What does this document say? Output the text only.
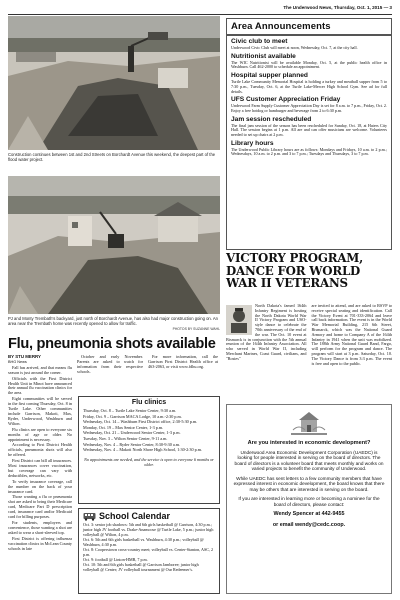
The Underwood News, Thursday, Oct. 1, 2015 — 3
Construction continues between 1st and 2nd Streets on Borchardt Avenue this weekend, the deepest part of the flood water project.
PJ and Monty Trembath's backyard, just north of Borchardt Avenue, has also had major construction going on. An area near the Trembath home was recently opened to allow for traffic.
PHOTOS BY SUZANNE WAHL
Area Announcements
Civic club to meet

Underwood Civic Club will meet at noon, Wednesday, Oct. 7, at the city hall.

Nutritionist available

The WIC Nutritionist will be available Monday, Oct. 5, at the public health office in Washburn. Call 462-2000 to schedule an appointment.

Hospital supper planned

Turtle Lake Community Memorial Hospital is holding a turkey and meatball supper from 5 to 7:30 p.m., Tuesday, Oct. 6, at the Turtle Lake-Mercer High School Gym. See ad for full details.

UFS Customer Appreciation Friday

Underwood Farm Supply Customer Appreciation Day is set for 8 a.m. to 7 p.m., Friday, Oct. 2. Enjoy a free hotdog or hamburger and beverage from 2 to 6:30 p.m.

Jam session rescheduled

The final jam session of the season has been rescheduled for Sunday, Oct. 18, at Haters City Hall. The session begins at 1 p.m. All are and can offer musicians are welcome. Volunteers needed to set up chairs at 2 p.m.

Library hours

The Underwood Public Library hours are as follows: Mondays and Fridays, 10 a.m. to 2 p.m.; Wednesdays, 10 a.m. to 2 p.m. and 3 to 7 p.m.; Tuesdays and Thursdays, 3 to 7 p.m.

VICTORY PROGRAM, DANCE FOR WORLD WAR II VETERANS
North Dakota's famed 164th Infantry Regiment is hosting the North Dakota World War II Victory Program and USO-style dance to celebrate the 70th anniversary of the end of the war. The Oct. 10 event at Bismarck is in conjunction with the 5th annual reunion of the 164th Infantry Association. All who served in World War II, including Merchant Marines, Coast Guard, civilians, and "Rosies"
are invited to attend, and are asked to RSVP to receive special seating and identification. Call the Victory Event at 701-333-2064 and leave call back information. The event is in the World War Memorial Building, 215 6th Street, Bismarck, which was the National Guard Armory and home to Company A of the 164th Infantry in 1941 when the unit was mobilized. The 188th Army National Guard Band, Fargo, will perform for the program and dance. The program will start at 3 p.m. Saturday, Oct. 10. The Victory Dance is from 3:3 p.m. The event is free and open to the public.
Flu, pneumonia shots available
BY STU MERRY
BHG News

Fall has arrived, and that means flu season is just around the corner.

Officials with the First District Health Unit in Minot have announced their annual flu vaccination clinics for the area.

Eight communities will be served in the first coming Thursday, Oct. 8 in Turtle Lake. Other communities include Garrison, Makoti, Max, Ryder, Underwood, Washburn and Wilton.

Flu clinics are open to everyone six months of age or older. No appointment is necessary.

According to First District Health officials, pneumonia shots will also be offered.

First District can bill all insurances. Most insurances cover vaccination, but coverage can vary with deductibles, networks, etc.

To verify insurance coverage, call the number on the back of your insurance card.

Those wanting a flu or pneumonia shot are asked to bring their Medicare card, Medicare Part D prescription card, insurance card and/or Medicaid card for billing purposes.

For students, employers and convenience, those wanting a shot are asked to wear a short-sleeved top.

First District is offering influenza vaccination clinics in McLean County schools in late

October and early November. Parents are asked to watch for information from their respective schools.

For more information, call the Garrison First District Health office at 463-2063, or visit www.fdhu.org.

Flu clinics
Thursday, Oct. 8 – Turtle Lake Senior Center, 9:30 a.m.
Friday, Oct. 9 – Garrison MACA Lodge, 10 a.m.-2:30 p.m.
Wednesday, Oct. 14 – Washburn First District office, 2:30-5:30 p.m.
Monday, Oct. 19 – Max Senior Center, 1-3 p.m.
Wednesday, Oct. 21 – Underwood Senior Center, 1-3 p.m.
Tuesday, Nov. 3 – Wilton Senior Center, 9-11 a.m.
Wednesday, Nov. 4 – Ryder Senior Center, 8:30-9:30 a.m.
Wednesday, Nov. 4 – Makoti North Shore High School, 1:30-2:30 p.m.
No appointments are needed, and the service is open to everyone 6 months or older.
School Calendar

Oct. 3: senior job shadows: 5th and 6th girls basketball @ Garrison, 4:30 p.m.; junior high JV football vs. Drake-Anamoose @ Turtle Lake, 5 p.m.; junior high volleyball @ Wilton, 4 p.m.

Oct. 6: 5th and 6th girls basketball vs. Washburn, 4:30 p.m.; volleyball @ Washburn, 4:30 p.m.

Oct. 8: Cooperstown cross-country meet; volleyball vs. Center-Stanton, ASC, 2 p.m.

Oct. 9: football @ Linton-HMB, 7 p.m.

Oct. 10: 5th and 6th girls basketball @ Garrison Jamboree; junior high volleyball @ Center; JV volleyball tournament @ Our Redeemer's.

Are you interested in economic development?

Underwood Area Economic Development Corporation (UAEDC) is looking for people interested in serving on the board of directors. The board of directors is a volunteer board that meets monthly and works on varied projects to benefit the community of Underwood.

While UAEDC has sent letters to a few community members that have expressed interest in economic development, the board knows that there may be others that are interested in serving on the board.

If you are interested in learning more or becoming a nominee for the board of directors, please contact:

Wendy Spencer at 442-9455
or email wendy@cedc.coop.
